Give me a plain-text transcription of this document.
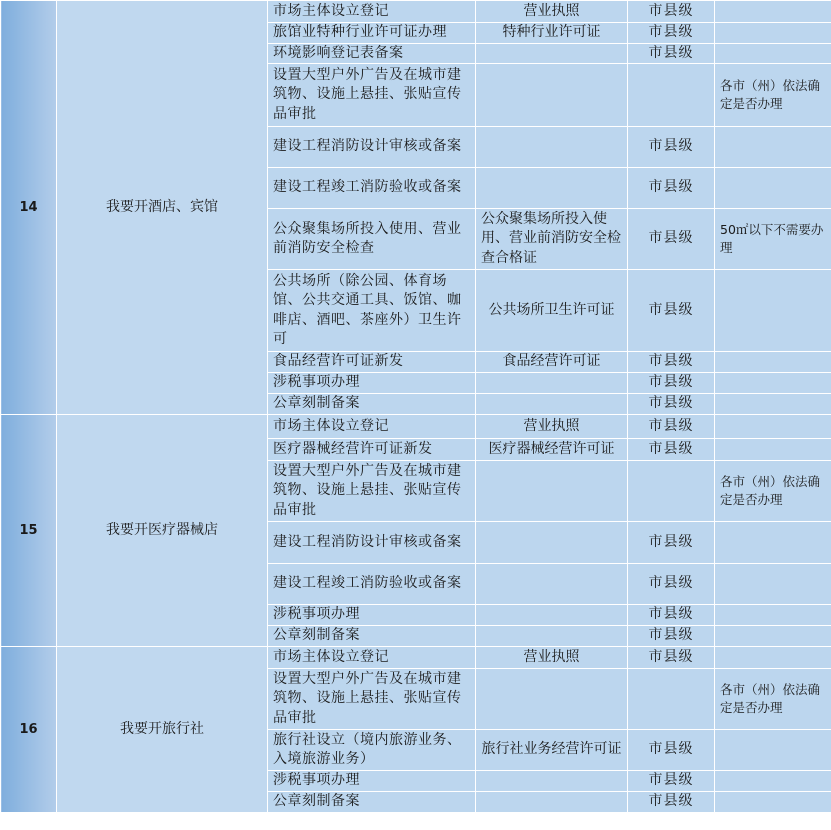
14	我要开酒店、宾馆	市场主体设立登记	营业执照	市县级	
		旅馆业特种行业许可证办理	特种行业许可证	市县级	
		环境影响登记表备案		市县级	
		设置大型户外广告及在城市建筑物、设施上悬挂、张贴宣传品审批			各市（州）依法确定是否办理
		建设工程消防设计审核或备案		市县级	
		建设工程竣工消防验收或备案		市县级	
		公众聚集场所投入使用、营业前消防安全检查	公众聚集场所投入使用、营业前消防安全检查合格证	市县级	50㎡以下不需要办理
		公共场所（除公园、体育场馆、公共交通工具、饭馆、咖啡店、酒吧、茶座外）卫生许可	公共场所卫生许可证	市县级	
		食品经营许可证新发	食品经营许可证	市县级	
		涉税事项办理		市县级	
		公章刻制备案		市县级	
15	我要开医疗器械店	市场主体设立登记	营业执照	市县级	
		医疗器械经营许可证新发	医疗器械经营许可证	市县级	
		设置大型户外广告及在城市建筑物、设施上悬挂、张贴宣传品审批			各市（州）依法确定是否办理
		建设工程消防设计审核或备案		市县级	
		建设工程竣工消防验收或备案		市县级	
		涉税事项办理		市县级	
		公章刻制备案		市县级	
16	我要开旅行社	市场主体设立登记	营业执照	市县级	
		设置大型户外广告及在城市建筑物、设施上悬挂、张贴宣传品审批			各市（州）依法确定是否办理
		旅行社设立（境内旅游业务、入境旅游业务）	旅行社业务经营许可证	市县级	
		涉税事项办理		市县级	
		公章刻制备案		市县级	
